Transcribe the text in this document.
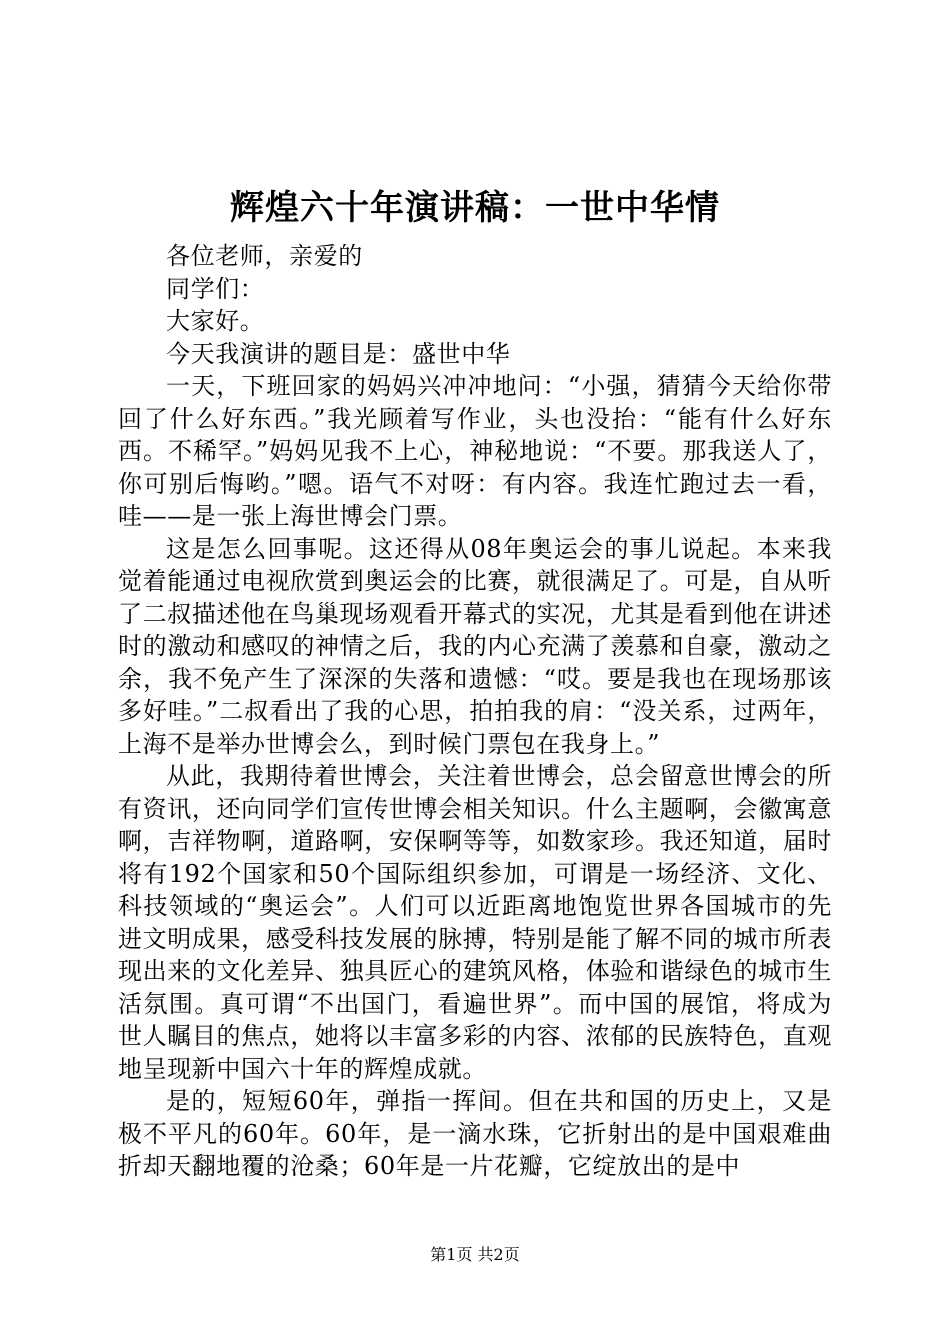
辉煌六十年演讲稿：一世中华情

各位老师，亲爱的

同学们：

大家好。

今天我演讲的题目是：盛世中华

一天，下班回家的妈妈兴冲冲地问：“小强，猜猜今天给你带回了什么好东西。”我光顾着写作业，头也没抬：“能有什么好东西。不稀罕。”妈妈见我不上心，神秘地说：“不要。那我送人了，你可别后悔哟。”嗯。语气不对呀：有内容。我连忙跑过去一看，哇——是一张上海世博会门票。

这是怎么回事呢。这还得从08年奥运会的事儿说起。本来我觉着能通过电视欣赏到奥运会的比赛，就很满足了。可是，自从听了二叔描述他在鸟巢现场观看开幕式的实况，尤其是看到他在讲述时的激动和感叹的神情之后，我的内心充满了羡慕和自豪，激动之余，我不免产生了深深的失落和遗憾：“哎。要是我也在现场那该多好哇。”二叔看出了我的心思，拍拍我的肩：“没关系，过两年，上海不是举办世博会么，到时候门票包在我身上。”

从此，我期待着世博会，关注着世博会，总会留意世博会的所有资讯，还向同学们宣传世博会相关知识。什么主题啊，会徽寓意啊，吉祥物啊，道路啊，安保啊等等，如数家珍。我还知道，届时将有192个国家和50个国际组织参加，可谓是一场经济、文化、科技领域的“奥运会”。人们可以近距离地饱览世界各国城市的先进文明成果，感受科技发展的脉搏，特别是能了解不同的城市所表现出来的文化差异、独具匠心的建筑风格，体验和谐绿色的城市生活氛围。真可谓“不出国门，看遍世界”。而中国的展馆，将成为世人瞩目的焦点，她将以丰富多彩的内容、浓郁的民族特色，直观地呈现新中国六十年的辉煌成就。

是的，短短60年，弹指一挥间。但在共和国的历史上，又是极不平凡的60年。60年，是一滴水珠，它折射出的是中国艰难曲折却天翻地覆的沧桑；60年是一片花瓣，它绽放出的是中

第1页 共2页
